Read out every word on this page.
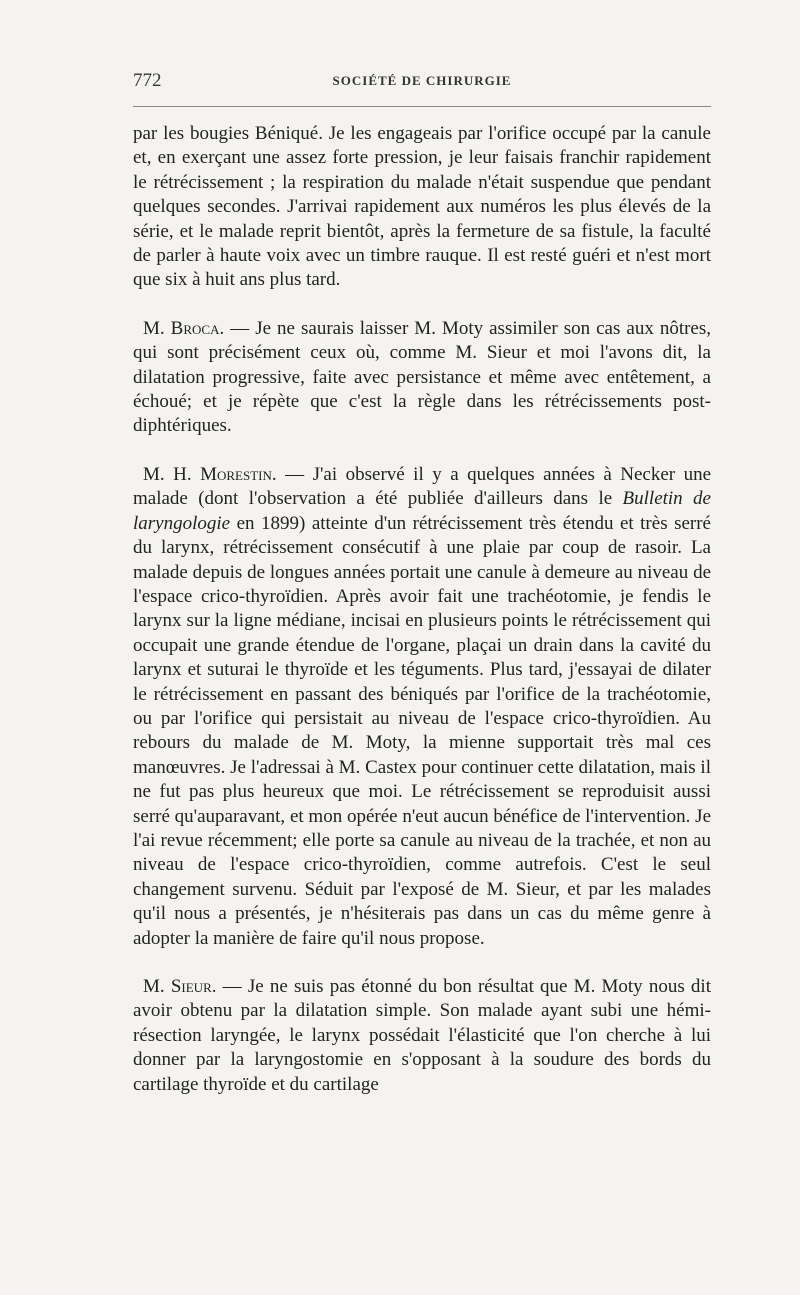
772	SOCIÉTÉ DE CHIRURGIE

par les bougies Béniqué. Je les engageais par l'orifice occupé par la canule et, en exerçant une assez forte pression, je leur faisais franchir rapidement le rétrécissement ; la respiration du malade n'était suspendue que pendant quelques secondes. J'arrivai rapidement aux numéros les plus élevés de la série, et le malade reprit bientôt, après la fermeture de sa fistule, la faculté de parler à haute voix avec un timbre rauque. Il est resté guéri et n'est mort que six à huit ans plus tard.

M. Broca. — Je ne saurais laisser M. Moty assimiler son cas aux nôtres, qui sont précisément ceux où, comme M. Sieur et moi l'avons dit, la dilatation progressive, faite avec persistance et même avec entêtement, a échoué; et je répète que c'est la règle dans les rétrécissements post-diphtériques.

M. H. Morestin. — J'ai observé il y a quelques années à Necker une malade (dont l'observation a été publiée d'ailleurs dans le Bulletin de laryngologie en 1899) atteinte d'un rétrécissement très étendu et très serré du larynx, rétrécissement consécutif à une plaie par coup de rasoir. La malade depuis de longues années portait une canule à demeure au niveau de l'espace crico-thyroïdien. Après avoir fait une trachéotomie, je fendis le larynx sur la ligne médiane, incisai en plusieurs points le rétrécissement qui occupait une grande étendue de l'organe, plaçai un drain dans la cavité du larynx et suturai le thyroïde et les téguments. Plus tard, j'essayai de dilater le rétrécissement en passant des béniqués par l'orifice de la trachéotomie, ou par l'orifice qui persistait au niveau de l'espace crico-thyroïdien. Au rebours du malade de M. Moty, la mienne supportait très mal ces manœuvres. Je l'adressai à M. Castex pour continuer cette dilatation, mais il ne fut pas plus heureux que moi. Le rétrécissement se reproduisit aussi serré qu'auparavant, et mon opérée n'eut aucun bénéfice de l'intervention. Je l'ai revue récemment; elle porte sa canule au niveau de la trachée, et non au niveau de l'espace crico-thyroïdien, comme autrefois. C'est le seul changement survenu. Séduit par l'exposé de M. Sieur, et par les malades qu'il nous a présentés, je n'hésiterais pas dans un cas du même genre à adopter la manière de faire qu'il nous propose.

M. Sieur. — Je ne suis pas étonné du bon résultat que M. Moty nous dit avoir obtenu par la dilatation simple. Son malade ayant subi une hémi-résection laryngée, le larynx possédait l'élasticité que l'on cherche à lui donner par la laryngostomie en s'opposant à la soudure des bords du cartilage thyroïde et du cartilage
